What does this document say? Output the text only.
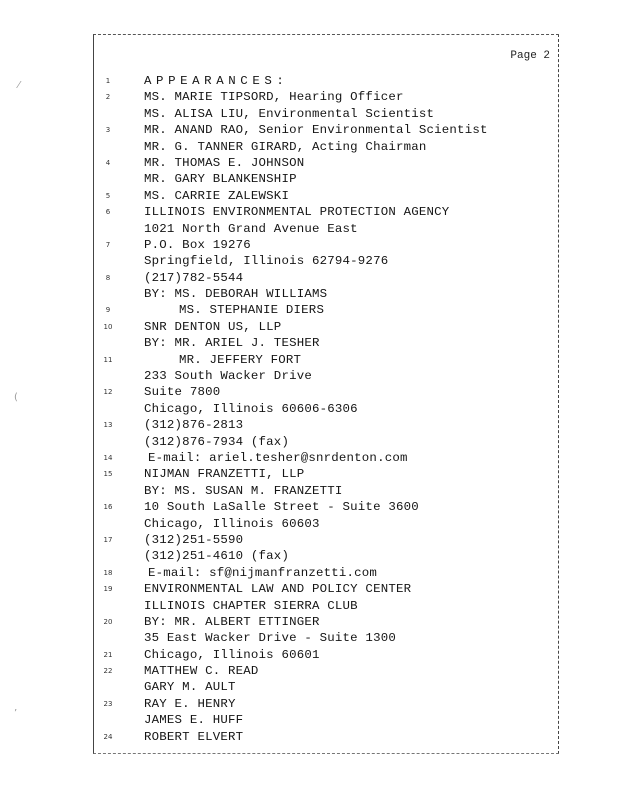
Page 2
1	APPEARANCES:
2	MS. MARIE TIPSORD, Hearing Officer
MS. ALISA LIU, Environmental Scientist
3	MR. ANAND RAO, Senior Environmental Scientist
MR. G. TANNER GIRARD, Acting Chairman
4	MR. THOMAS E. JOHNSON
MR. GARY BLANKENSHIP
5	MS. CARRIE ZALEWSKI
6	ILLINOIS ENVIRONMENTAL PROTECTION AGENCY
1021 North Grand Avenue East
7	P.O. Box 19276
Springfield, Illinois 62794-9276
8	(217)782-5544
BY: MS. DEBORAH WILLIAMS
9	MS. STEPHANIE DIERS
10	SNR DENTON US, LLP
BY: MR. ARIEL J. TESHER
11	MR. JEFFERY FORT
233 South Wacker Drive
12	Suite 7800
Chicago, Illinois 60606-6306
13	(312)876-2813
(312)876-7934 (fax)
14	E-mail: ariel.tesher@snrdenton.com
15	NIJMAN FRANZETTI, LLP
BY: MS. SUSAN M. FRANZETTI
16	10 South LaSalle Street - Suite 3600
Chicago, Illinois 60603
17	(312)251-5590
(312)251-4610 (fax)
18	E-mail: sf@nijmanfranzetti.com
19	ENVIRONMENTAL LAW AND POLICY CENTER
ILLINOIS CHAPTER SIERRA CLUB
20	BY: MR. ALBERT ETTINGER
35 East Wacker Drive - Suite 1300
21	Chicago, Illinois 60601
22	MATTHEW C. READ
GARY M. AULT
23	RAY E. HENRY
JAMES E. HUFF
24	ROBERT ELVERT
⁄
(
’
